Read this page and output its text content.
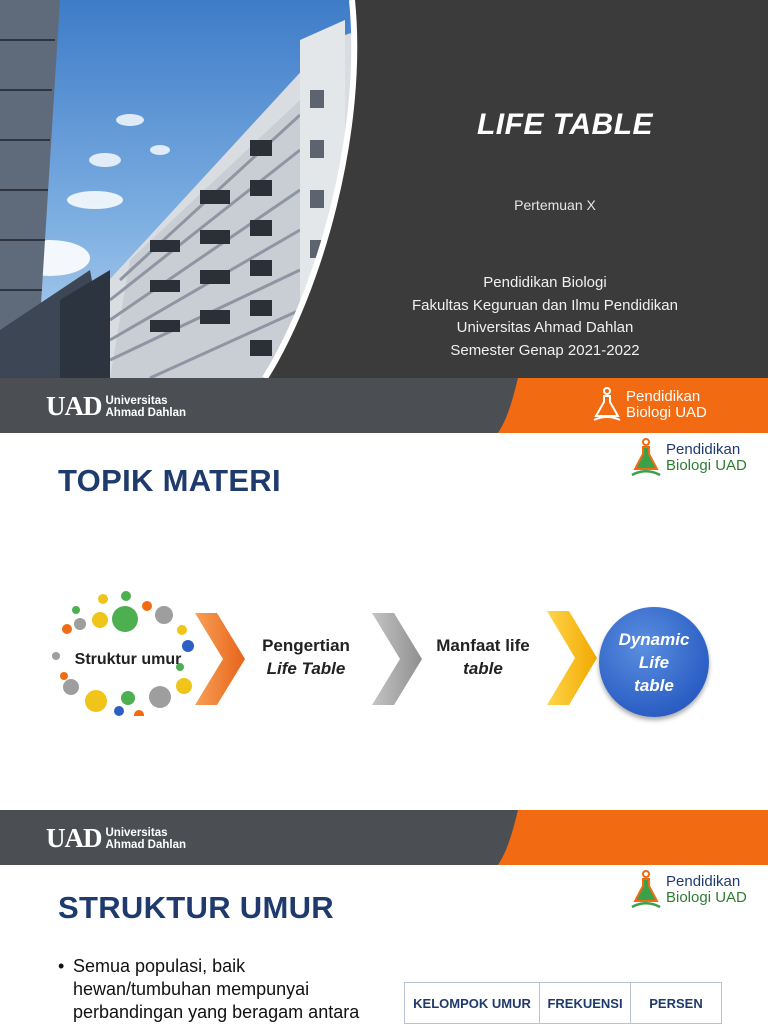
LIFE TABLE
Pertemuan X
Pendidikan Biologi
Fakultas Keguruan dan Ilmu Pendidikan
Universitas Ahmad Dahlan
Semester Genap 2021-2022
UAD Universitas
Ahmad Dahlan
Pendidikan
Biologi UAD
TOPIK MATERI
Pendidikan
Biologi UAD
Struktur umur
Pengertian
Life Table
Manfaat life
table
Dynamic
Life
table
UAD Universitas
Ahmad Dahlan
STRUKTUR UMUR
Pendidikan
Biologi UAD
• Semua populasi, baik hewan/tumbuhan mempunyai perbandingan yang beragam antara	KELOMPOK UMUR	FREKUENSI	PERSEN
